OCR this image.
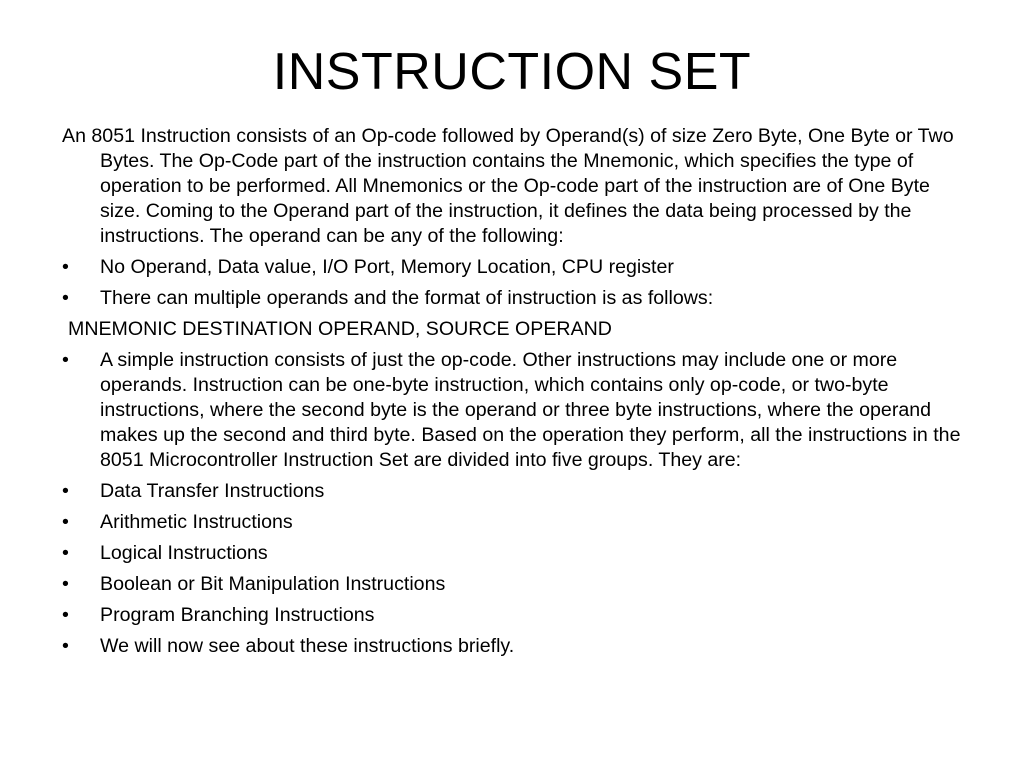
INSTRUCTION SET
An 8051 Instruction consists of an Op-code followed by Operand(s) of size Zero Byte, One Byte or Two Bytes. The Op-Code part of the instruction contains the Mnemonic, which specifies the type of operation to be performed. All Mnemonics or the Op-code part of the instruction are of One Byte size. Coming to the Operand part of the instruction, it defines the data being processed by the instructions. The operand can be any of the following:
•	No Operand, Data value, I/O Port, Memory Location, CPU register
•	There can multiple operands and the format of instruction is as follows:
MNEMONIC DESTINATION OPERAND, SOURCE OPERAND
•	A simple instruction consists of just the op-code. Other instructions may include one or more operands. Instruction can be one-byte instruction, which contains only op-code, or two-byte instructions, where the second byte is the operand or three byte instructions, where the operand makes up the second and third byte. Based on the operation they perform, all the instructions in the 8051 Microcontroller Instruction Set are divided into five groups. They are:
•	Data Transfer Instructions
•	Arithmetic Instructions
•	Logical Instructions
•	Boolean or Bit Manipulation Instructions
•	Program Branching Instructions
•	We will now see about these instructions briefly.
